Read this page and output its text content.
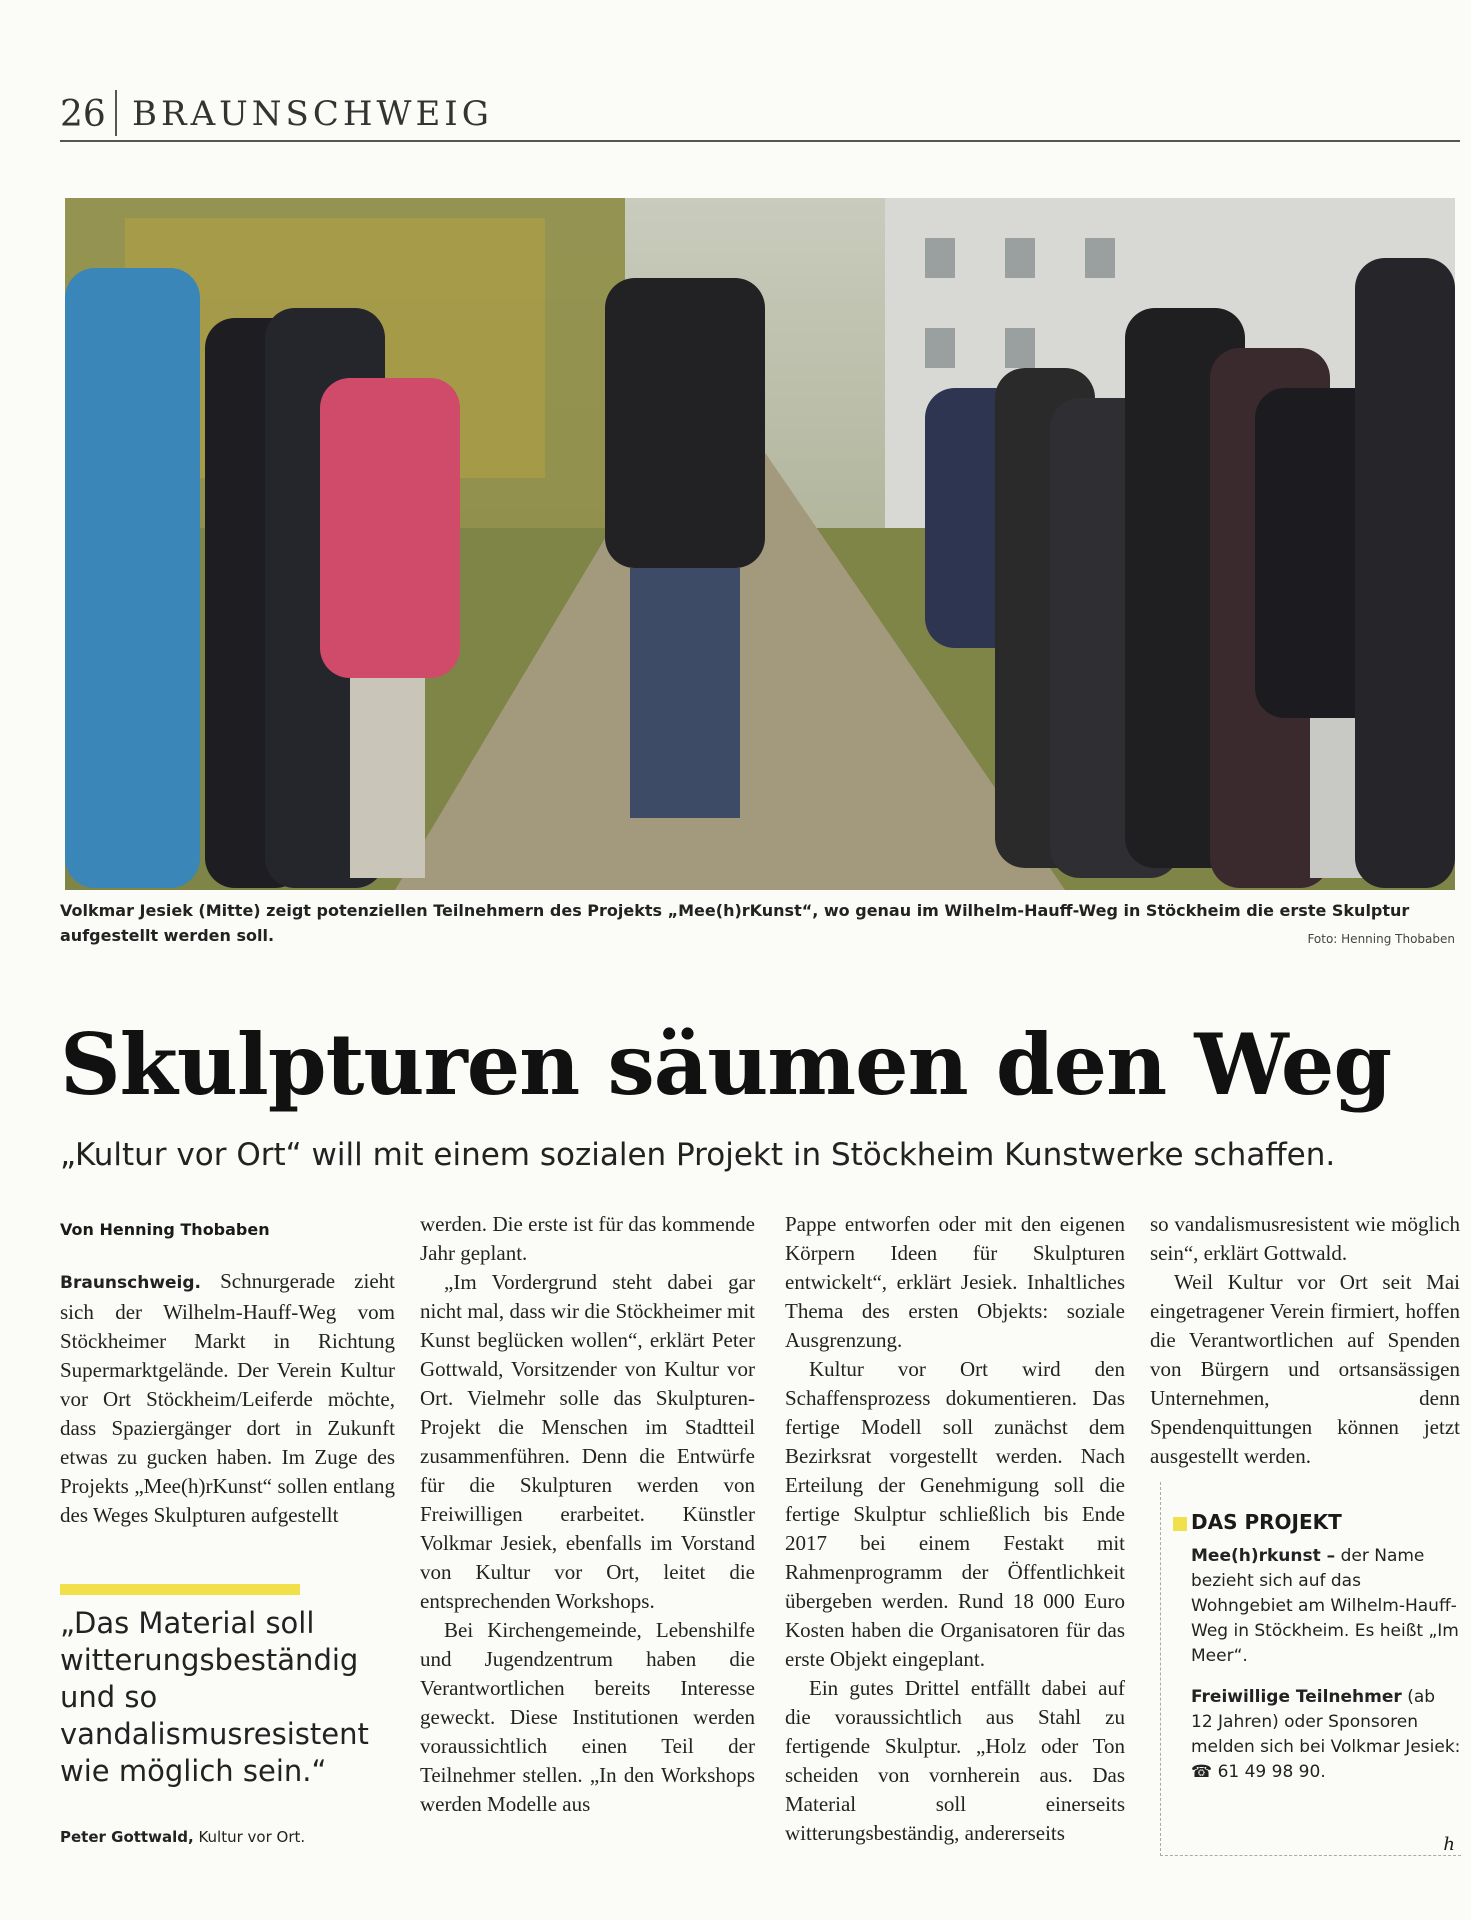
26 BRAUNSCHWEIG
Volkmar Jesiek (Mitte) zeigt potenziellen Teilnehmern des Projekts „Mee(h)rKunst“, wo genau im Wilhelm-Hauff-Weg in Stöckheim die erste Skulptur aufgestellt werden soll.	Foto: Henning Thobaben
Skulpturen säumen den Weg
„Kultur vor Ort“ will mit einem sozialen Projekt in Stöckheim Kunstwerke schaffen.
Von Henning Thobaben

Braunschweig. Schnurgerade zieht sich der Wilhelm-Hauff-Weg vom Stöckheimer Markt in Richtung Supermarktgelände. Der Verein Kultur vor Ort Stöckheim/Leiferde möchte, dass Spaziergänger dort in Zukunft etwas zu gucken haben. Im Zuge des Projekts „Mee(h)rKunst“ sollen entlang des Weges Skulpturen aufgestellt

„Das Material soll witterungsbeständig und so vandalismusresistent wie möglich sein.“
Peter Gottwald, Kultur vor Ort.

werden. Die erste ist für das kommende Jahr geplant.

„Im Vordergrund steht dabei gar nicht mal, dass wir die Stöckheimer mit Kunst beglücken wollen“, erklärt Peter Gottwald, Vorsitzender von Kultur vor Ort. Vielmehr solle das Skulpturen-Projekt die Menschen im Stadtteil zusammenführen. Denn die Entwürfe für die Skulpturen werden von Freiwilligen erarbeitet. Künstler Volkmar Jesiek, ebenfalls im Vorstand von Kultur vor Ort, leitet die entsprechenden Workshops.

Bei Kirchengemeinde, Lebenshilfe und Jugendzentrum haben die Verantwortlichen bereits Interesse geweckt. Diese Institutionen werden voraussichtlich einen Teil der Teilnehmer stellen. „In den Workshops werden Modelle aus

Pappe entworfen oder mit den eigenen Körpern Ideen für Skulpturen entwickelt“, erklärt Jesiek. Inhaltliches Thema des ersten Objekts: soziale Ausgrenzung.

Kultur vor Ort wird den Schaffensprozess dokumentieren. Das fertige Modell soll zunächst dem Bezirksrat vorgestellt werden. Nach Erteilung der Genehmigung soll die fertige Skulptur schließlich bis Ende 2017 bei einem Festakt mit Rahmenprogramm der Öffentlichkeit übergeben werden. Rund 18 000 Euro Kosten haben die Organisatoren für das erste Objekt eingeplant.

Ein gutes Drittel entfällt dabei auf die voraussichtlich aus Stahl zu fertigende Skulptur. „Holz oder Ton scheiden von vornherein aus. Das Material soll einerseits witterungsbeständig, andererseits

so vandalismusresistent wie möglich sein“, erklärt Gottwald.

Weil Kultur vor Ort seit Mai eingetragener Verein firmiert, hoffen die Verantwortlichen auf Spenden von Bürgern und ortsansässigen Unternehmen, denn Spendenquittungen können jetzt ausgestellt werden.

DAS PROJEKT

Mee(h)rkunst – der Name bezieht sich auf das Wohngebiet am Wilhelm-Hauff-Weg in Stöckheim. Es heißt „Im Meer“.

Freiwillige Teilnehmer (ab 12 Jahren) oder Sponsoren melden sich bei Volkmar Jesiek: ☎ 61 49 98 90.

h
